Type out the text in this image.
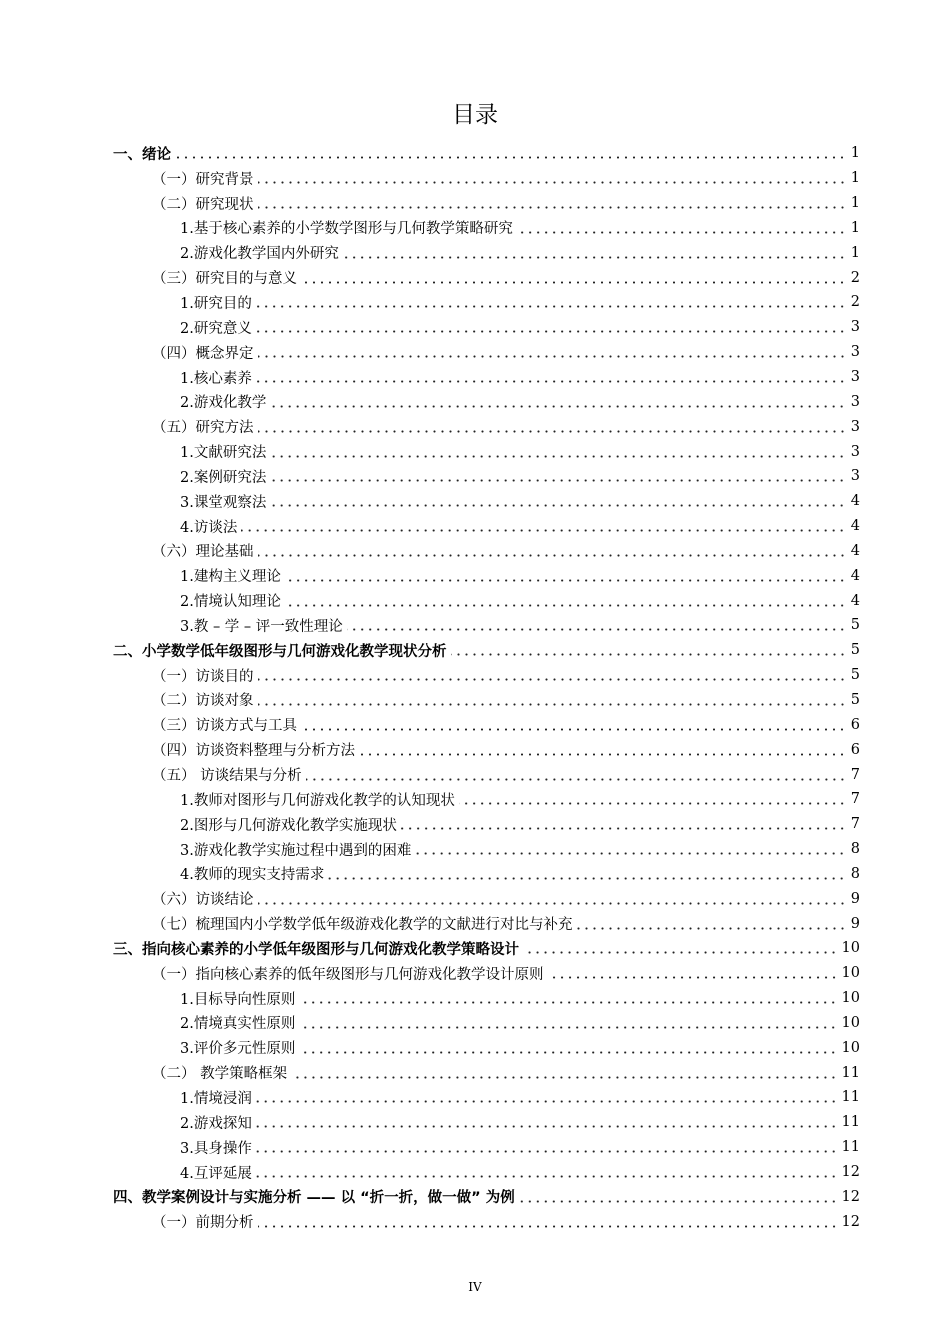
目录
一、绪论	1
（一）研究背景	1
（二）研究现状	1
1.基于核心素养的小学数学图形与几何教学策略研究	1
2.游戏化教学国内外研究	1
（三）研究目的与意义	2
1.研究目的	2
2.研究意义	3
（四）概念界定	3
1.核心素养	3
2.游戏化教学	3
（五）研究方法	3
1.文献研究法	3
2.案例研究法	3
3.课堂观察法	4
4.访谈法	4
（六）理论基础	4
1.建构主义理论	4
2.情境认知理论	4
3.教 – 学 – 评一致性理论	5
二、小学数学低年级图形与几何游戏化教学现状分析	5
（一）访谈目的	5
（二）访谈对象	5
（三）访谈方式与工具	6
（四）访谈资料整理与分析方法	6
（五） 访谈结果与分析	7
1.教师对图形与几何游戏化教学的认知现状	7
2.图形与几何游戏化教学实施现状	7
3.游戏化教学实施过程中遇到的困难	8
4.教师的现实支持需求	8
（六）访谈结论	9
（七）梳理国内小学数学低年级游戏化教学的文献进行对比与补充	9
三、指向核心素养的小学低年级图形与几何游戏化教学策略设计	10
（一）指向核心素养的低年级图形与几何游戏化教学设计原则	10
1.目标导向性原则	10
2.情境真实性原则	10
3.评价多元性原则	10
（二） 教学策略框架	11
1.情境浸润	11
2.游戏探知	11
3.具身操作	11
4.互评延展	12
四、教学案例设计与实施分析 —— 以 “折一折，做一做” 为例	12
（一）前期分析	12
IV
